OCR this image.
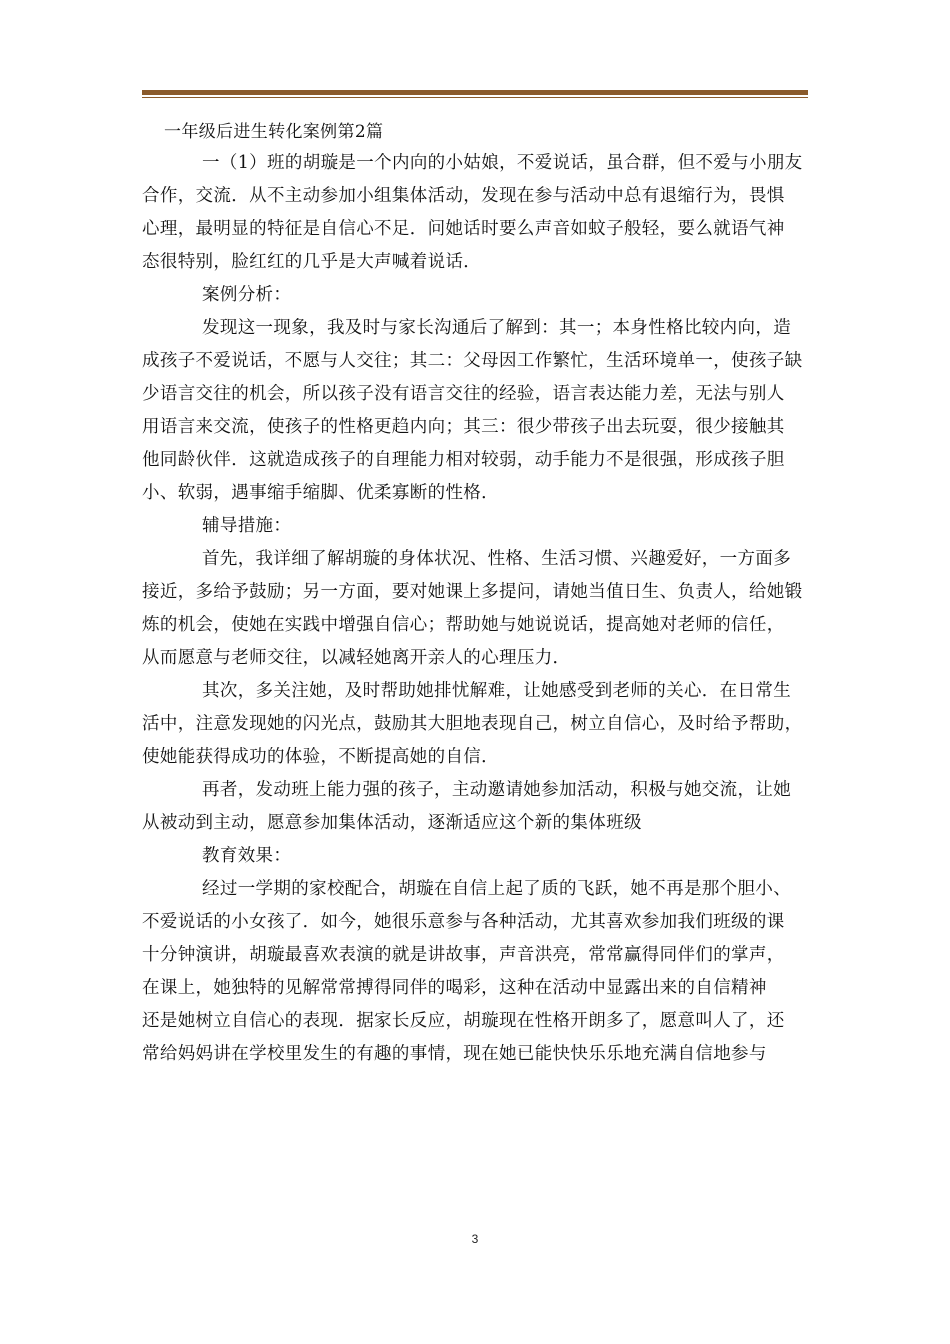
一年级后进生转化案例第2篇
一（1）班的胡璇是一个内向的小姑娘，不爱说话，虽合群，但不爱与小朋友
合作，交流．从不主动参加小组集体活动，发现在参与活动中总有退缩行为，畏惧
心理，最明显的特征是自信心不足．问她话时要么声音如蚊子般轻，要么就语气神
态很特别，脸红红的几乎是大声喊着说话．
案例分析：
发现这一现象，我及时与家长沟通后了解到：其一；本身性格比较内向，造
成孩子不爱说话，不愿与人交往；其二：父母因工作繁忙，生活环境单一，使孩子缺
少语言交往的机会，所以孩子没有语言交往的经验，语言表达能力差，无法与别人
用语言来交流，使孩子的性格更趋内向；其三：很少带孩子出去玩耍，很少接触其
他同龄伙伴．这就造成孩子的自理能力相对较弱，动手能力不是很强，形成孩子胆
小、软弱，遇事缩手缩脚、优柔寡断的性格．
辅导措施：
首先，我详细了解胡璇的身体状况、性格、生活习惯、兴趣爱好，一方面多
接近，多给予鼓励；另一方面，要对她课上多提问，请她当值日生、负责人，给她锻
炼的机会，使她在实践中增强自信心；帮助她与她说说话，提高她对老师的信任，
从而愿意与老师交往，以减轻她离开亲人的心理压力．
其次，多关注她，及时帮助她排忧解难，让她感受到老师的关心．在日常生
活中，注意发现她的闪光点，鼓励其大胆地表现自己，树立自信心，及时给予帮助，
使她能获得成功的体验，不断提高她的自信．
再者，发动班上能力强的孩子，主动邀请她参加活动，积极与她交流，让她
从被动到主动，愿意参加集体活动，逐渐适应这个新的集体班级
教育效果：
经过一学期的家校配合，胡璇在自信上起了质的飞跃，她不再是那个胆小、
不爱说话的小女孩了．如今，她很乐意参与各种活动，尤其喜欢参加我们班级的课
十分钟演讲，胡璇最喜欢表演的就是讲故事，声音洪亮，常常赢得同伴们的掌声，
在课上，她独特的见解常常搏得同伴的喝彩，这种在活动中显露出来的自信精神
还是她树立自信心的表现．据家长反应，胡璇现在性格开朗多了，愿意叫人了，还
常给妈妈讲在学校里发生的有趣的事情，现在她已能快快乐乐地充满自信地参与
3
